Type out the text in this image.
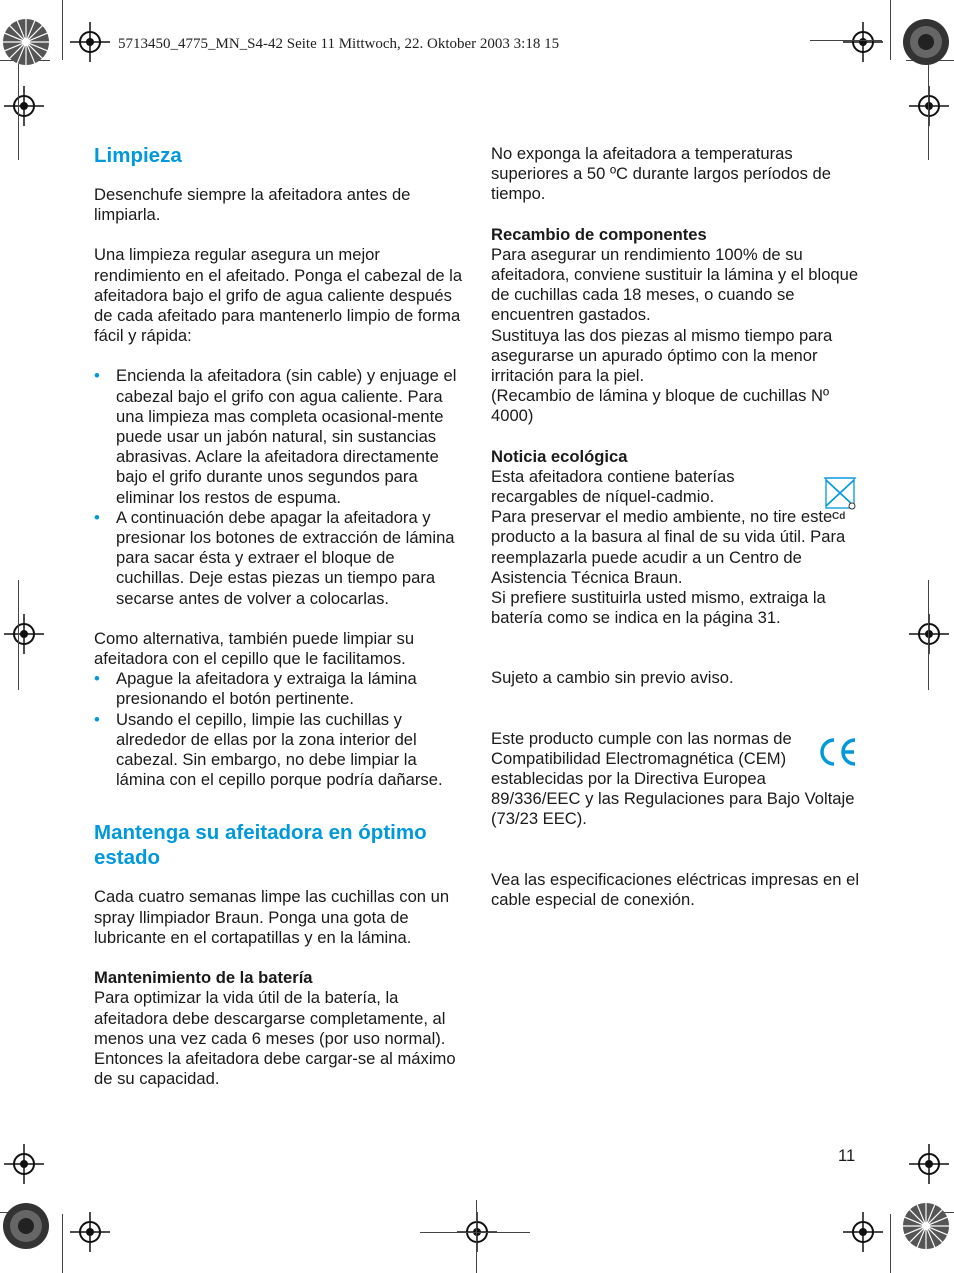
5713450_4775_MN_S4-42 Seite 11 Mittwoch, 22. Oktober 2003 3:18 15
Limpieza

Desenchufe siempre la afeitadora antes de limpiarla.

Una limpieza regular asegura un mejor rendimiento en el afeitado. Ponga el cabezal de la afeitadora bajo el grifo de agua caliente después de cada afeitado para mantenerlo limpio de forma fácil y rápida:

• Encienda la afeitadora (sin cable) y enjuage el cabezal bajo el grifo con agua caliente. Para una limpieza mas completa ocasional-mente puede usar un jabón natural, sin sustancias abrasivas. Aclare la afeitadora directamente bajo el grifo durante unos segundos para eliminar los restos de espuma.
• A continuación debe apagar la afeitadora y presionar los botones de extracción de lámina para sacar ésta y extraer el bloque de cuchillas. Deje estas piezas un tiempo para secarse antes de volver a colocarlas.

Como alternativa, también puede limpiar su afeitadora con el cepillo que le facilitamos.

• Apague la afeitadora y extraiga la lámina presionando el botón pertinente.
• Usando el cepillo, limpie las cuchillas y alrededor de ellas por la zona interior del cabezal. Sin embargo, no debe limpiar la lámina con el cepillo porque podría dañarse.
Mantenga su afeitadora en óptimo estado

Cada cuatro semanas limpe las cuchillas con un spray llimpiador Braun. Ponga una gota de lubricante en el cortapatillas y en la lámina.

Mantenimiento de la batería

Para optimizar la vida útil de la batería, la afeitadora debe descargarse completamente, al menos una vez cada 6 meses (por uso normal). Entonces la afeitadora debe cargar-se al máximo de su capacidad.

No exponga la afeitadora a temperaturas superiores a 50 ºC durante largos períodos de tiempo.

Recambio de componentes

Para asegurar un rendimiento 100% de su afeitadora, conviene sustituir la lámina y el bloque de cuchillas cada 18 meses, o cuando se encuentren gastados.

Sustituya las dos piezas al mismo tiempo para asegurarse un apurado óptimo con la menor irritación para la piel.

(Recambio de lámina y bloque de cuchillas Nº 4000)

Noticia ecológica

Esta afeitadora contiene baterías recargables de níquel-cadmio.

Para preservar el medio ambiente, no tire este producto a la basura al final de su vida útil. Para reemplazarla puede acudir a un Centro de Asistencia Técnica Braun.

Si prefiere sustituirla usted mismo, extraiga la batería como se indica en la página 31.

Sujeto a cambio sin previo aviso.

Este producto cumple con las normas de Compatibilidad Electromagnética (CEM) establecidas por la Directiva Europea 89/336/EEC y las Regulaciones para Bajo Voltaje (73/23 EEC).

Vea las especificaciones eléctricas impresas en el cable especial de conexión.

Cd
11
